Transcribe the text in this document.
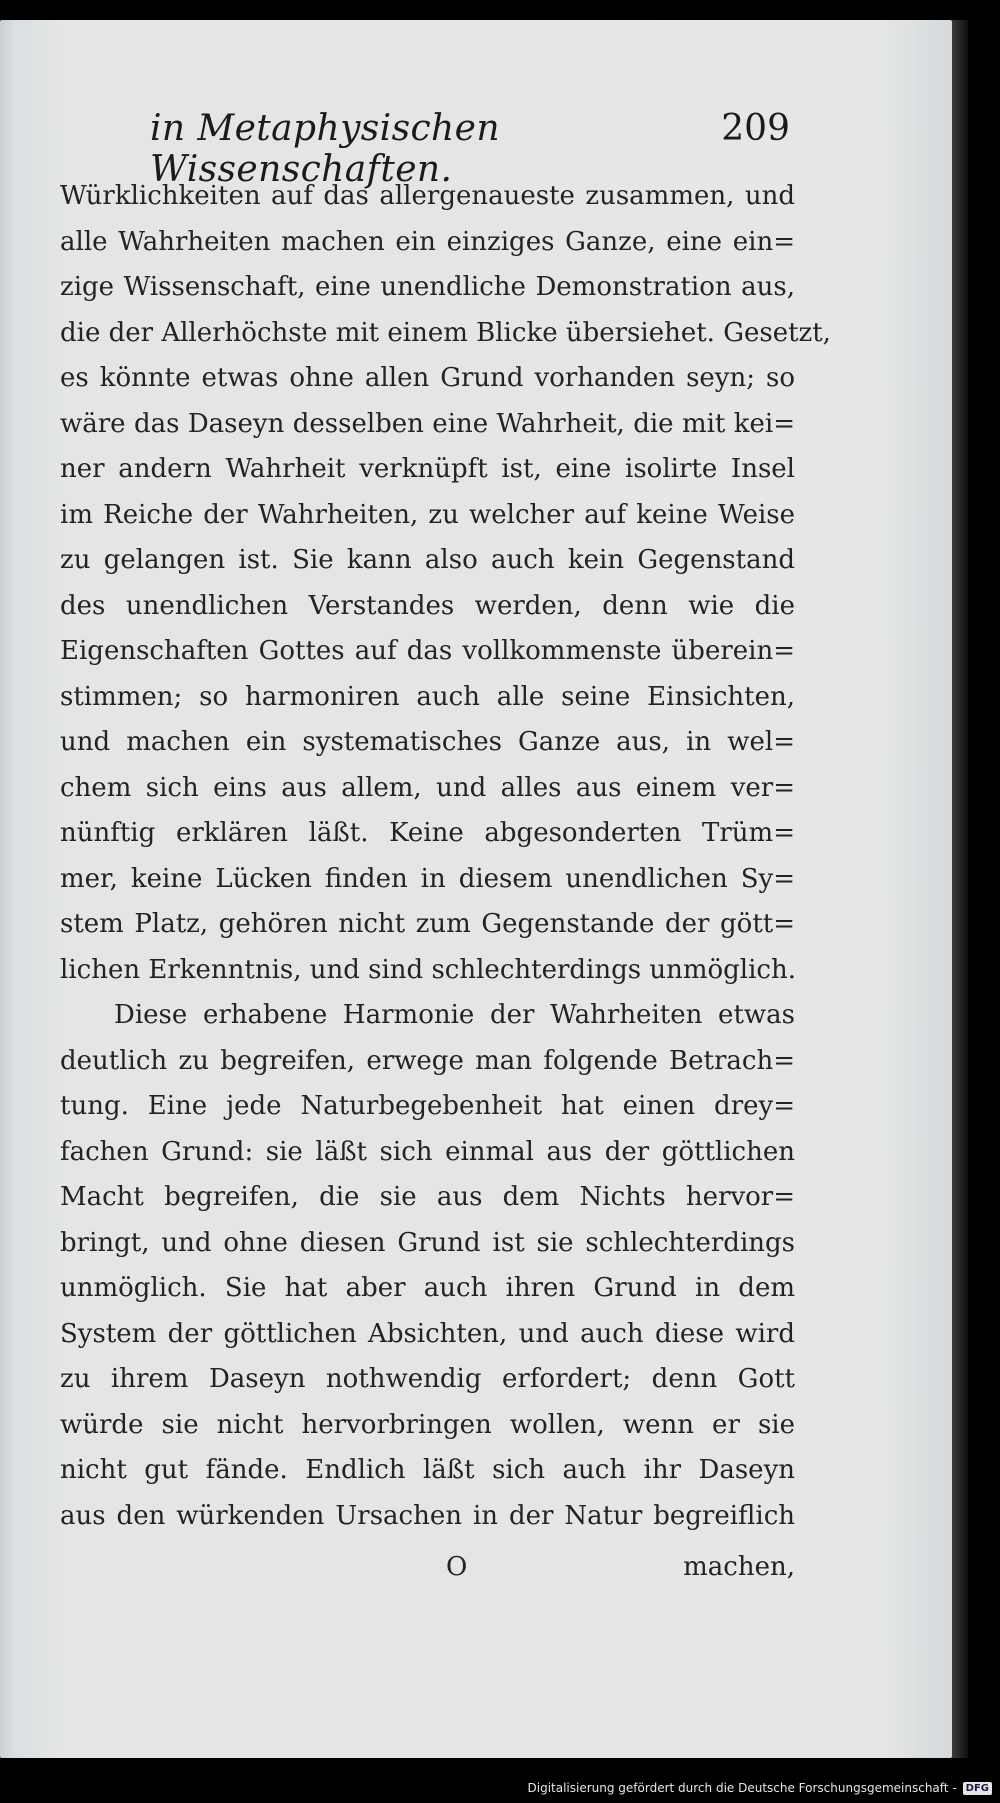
in Metaphysischen Wissenschaften.
209
Würklichkeiten auf das allergenaueste zusammen, und
alle Wahrheiten machen ein einziges Ganze, eine ein=
zige Wissenschaft, eine unendliche Demonstration aus,
die der Allerhöchste mit einem Blicke übersiehet. Gesetzt,
es könnte etwas ohne allen Grund vorhanden seyn; so
wäre das Daseyn desselben eine Wahrheit, die mit kei=
ner andern Wahrheit verknüpft ist, eine isolirte Insel
im Reiche der Wahrheiten, zu welcher auf keine Weise
zu gelangen ist. Sie kann also auch kein Gegenstand
des unendlichen Verstandes werden, denn wie die
Eigenschaften Gottes auf das vollkommenste überein=
stimmen; so harmoniren auch alle seine Einsichten,
und machen ein systematisches Ganze aus, in wel=
chem sich eins aus allem, und alles aus einem ver=
nünftig erklären läßt. Keine abgesonderten Trüm=
mer, keine Lücken finden in diesem unendlichen Sy=
stem Platz, gehören nicht zum Gegenstande der gött=
lichen Erkenntnis, und sind schlechterdings unmöglich.
Diese erhabene Harmonie der Wahrheiten etwas
deutlich zu begreifen, erwege man folgende Betrach=
tung. Eine jede Naturbegebenheit hat einen drey=
fachen Grund: sie läßt sich einmal aus der göttlichen
Macht begreifen, die sie aus dem Nichts hervor=
bringt, und ohne diesen Grund ist sie schlechterdings
unmöglich. Sie hat aber auch ihren Grund in dem
System der göttlichen Absichten, und auch diese wird
zu ihrem Daseyn nothwendig erfordert; denn Gott
würde sie nicht hervorbringen wollen, wenn er sie
nicht gut fände. Endlich läßt sich auch ihr Daseyn
aus den würkenden Ursachen in der Natur begreiflich
O	machen,
Digitalisierung gefördert durch die Deutsche Forschungsgemeinschaft - DFG
